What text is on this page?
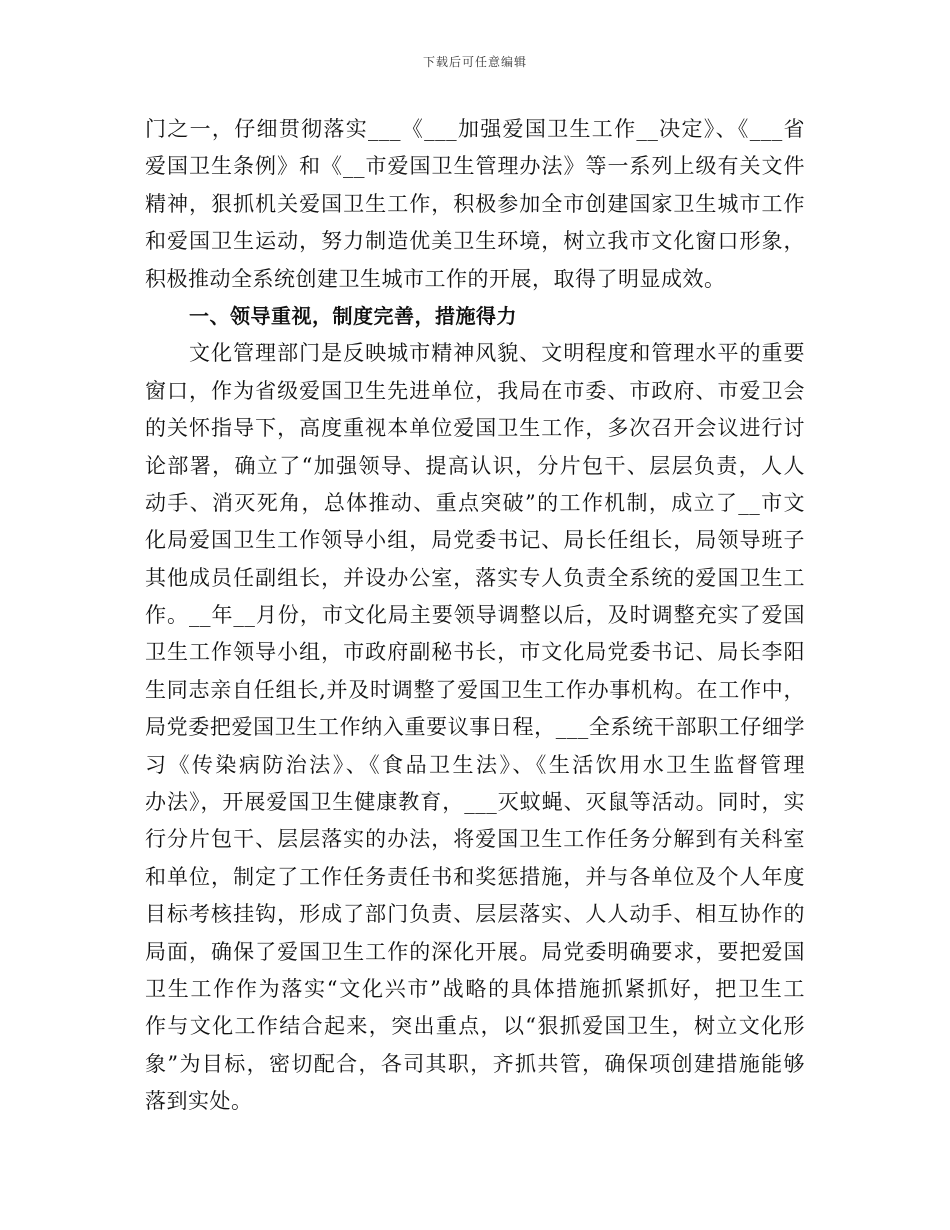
下载后可任意编辑
门之一，仔细贯彻落实___《___加强爱国卫生工作__决定》、《___省
爱国卫生条例》和《__市爱国卫生管理办法》等一系列上级有关文件
精神，狠抓机关爱国卫生工作，积极参加全市创建国家卫生城市工作
和爱国卫生运动，努力制造优美卫生环境，树立我市文化窗口形象，
积极推动全系统创建卫生城市工作的开展，取得了明显成效。
一、领导重视，制度完善，措施得力
文化管理部门是反映城市精神风貌、文明程度和管理水平的重要
窗口，作为省级爱国卫生先进单位，我局在市委、市政府、市爱卫会
的关怀指导下，高度重视本单位爱国卫生工作，多次召开会议进行讨
论部署，确立了“加强领导、提高认识，分片包干、层层负责，人人
动手、消灭死角，总体推动、重点突破”的工作机制，成立了__市文
化局爱国卫生工作领导小组，局党委书记、局长任组长，局领导班子
其他成员任副组长，并设办公室，落实专人负责全系统的爱国卫生工
作。__年__月份，市文化局主要领导调整以后，及时调整充实了爱国
卫生工作领导小组，市政府副秘书长，市文化局党委书记、局长李阳
生同志亲自任组长,并及时调整了爱国卫生工作办事机构。在工作中，
局党委把爱国卫生工作纳入重要议事日程，___全系统干部职工仔细学
习《传染病防治法》、《食品卫生法》、《生活饮用水卫生监督管理
办法》，开展爱国卫生健康教育，___灭蚊蝇、灭鼠等活动。同时，实
行分片包干、层层落实的办法，将爱国卫生工作任务分解到有关科室
和单位，制定了工作任务责任书和奖惩措施，并与各单位及个人年度
目标考核挂钩，形成了部门负责、层层落实、人人动手、相互协作的
局面，确保了爱国卫生工作的深化开展。局党委明确要求，要把爱国
卫生工作作为落实“文化兴市”战略的具体措施抓紧抓好，把卫生工
作与文化工作结合起来，突出重点，以“狠抓爱国卫生，树立文化形
象”为目标，密切配合，各司其职，齐抓共管，确保项创建措施能够
落到实处。
